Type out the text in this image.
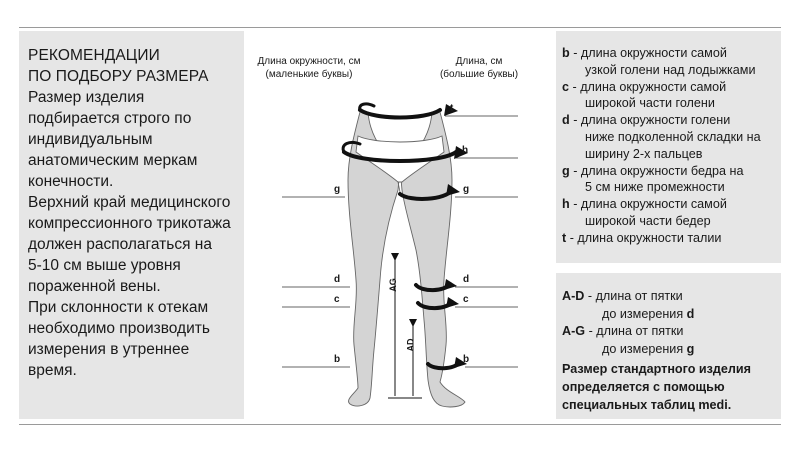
РЕКОМЕНДАЦИИ
ПО ПОДБОРУ РАЗМЕРА

Размер изделия
подбирается строго по
индивидуальным
анатомическим меркам
конечности.

Верхний край медицинского
компрессионного трикотажа
должен располагаться на
5-10 см выше уровня
пораженной вены.

При склонности к отекам
необходимо производить
измерения в утреннее
время.

Длина окружности, см
(маленькие буквы)
Длина, см
(большие буквы)
t
h
g	g
d	d
c	c
b	b
AG
AD
b - длина окружности самой
узкой голени над лодыжками
c - длина окружности самой
широкой части голени
d - длина окружности голени
ниже подколенной складки на
ширину 2-х пальцев
g - длина окружности бедра на
5 см ниже промежности
h - длина окружности самой
широкой части бедер
t - длина окружности талии
A-D - длина от пятки
до измерения d
A-G - длина от пятки
до измерения g
Размер стандартного изделия
определяется с помощью
специальных таблиц medi.
